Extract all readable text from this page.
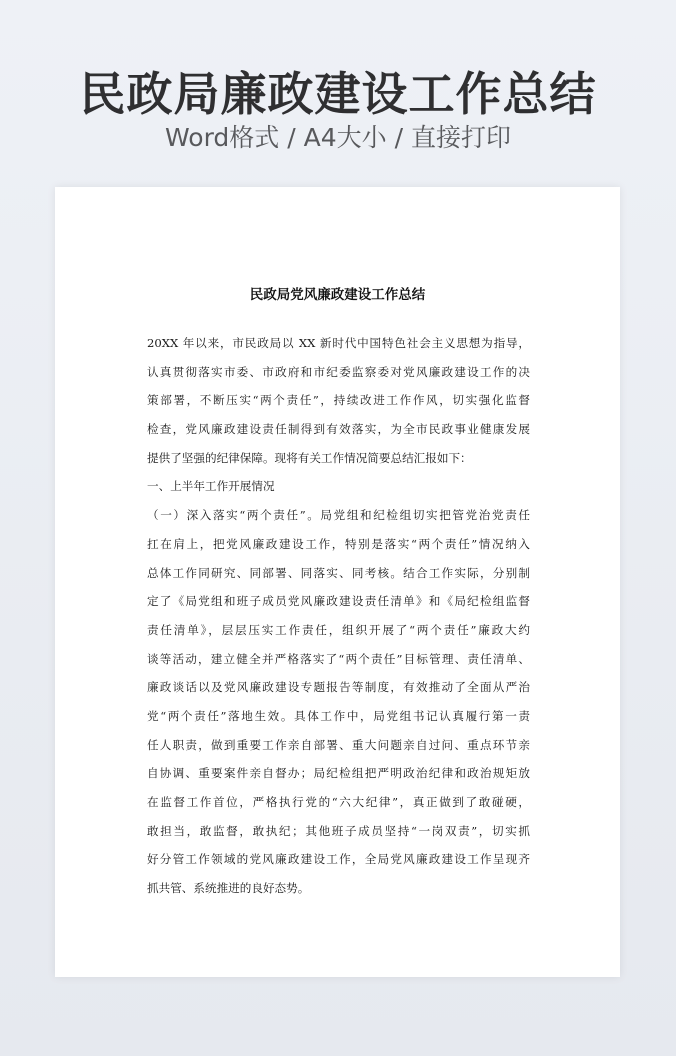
民政局廉政建设工作总结
Word格式 / A4大小 / 直接打印
民政局党风廉政建设工作总结
20XX 年以来，市民政局以 XX 新时代中国特色社会主义思想为指导，
认真贯彻落实市委、市政府和市纪委监察委对党风廉政建设工作的决
策部署，不断压实“两个责任”，持续改进工作作风，切实强化监督
检查，党风廉政建设责任制得到有效落实，为全市民政事业健康发展
提供了坚强的纪律保障。现将有关工作情况简要总结汇报如下：
一、上半年工作开展情况
（一）深入落实“两个责任”。局党组和纪检组切实把管党治党责任
扛在肩上，把党风廉政建设工作，特别是落实“两个责任”情况纳入
总体工作同研究、同部署、同落实、同考核。结合工作实际，分别制
定了《局党组和班子成员党风廉政建设责任清单》和《局纪检组监督
责任清单》，层层压实工作责任，组织开展了“两个责任”廉政大约
谈等活动，建立健全并严格落实了“两个责任”目标管理、责任清单、
廉政谈话以及党风廉政建设专题报告等制度，有效推动了全面从严治
党“两个责任”落地生效。具体工作中，局党组书记认真履行第一责
任人职责，做到重要工作亲自部署、重大问题亲自过问、重点环节亲
自协调、重要案件亲自督办；局纪检组把严明政治纪律和政治规矩放
在监督工作首位，严格执行党的“六大纪律”，真正做到了敢碰硬，
敢担当，敢监督，敢执纪；其他班子成员坚持“一岗双责”，切实抓
好分管工作领域的党风廉政建设工作，全局党风廉政建设工作呈现齐
抓共管、系统推进的良好态势。
